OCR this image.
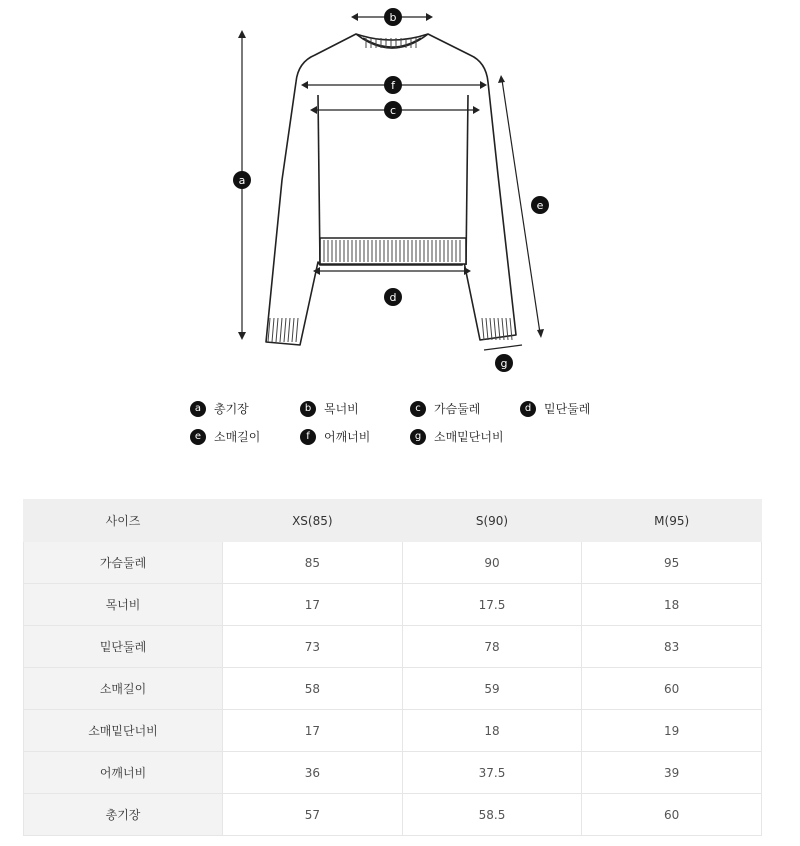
a
b
f
c
d
e
g
a	총기장	b	목너비	c	가슴둘레	d	밑단둘레
e	소매길이	f	어깨너비	g	소매밑단너비
사이즈	XS(85)	S(90)	M(95)
가슴둘레	85	90	95
목너비	17	17.5	18
밑단둘레	73	78	83
소매길이	58	59	60
소매밑단너비	17	18	19
어깨너비	36	37.5	39
총기장	57	58.5	60
